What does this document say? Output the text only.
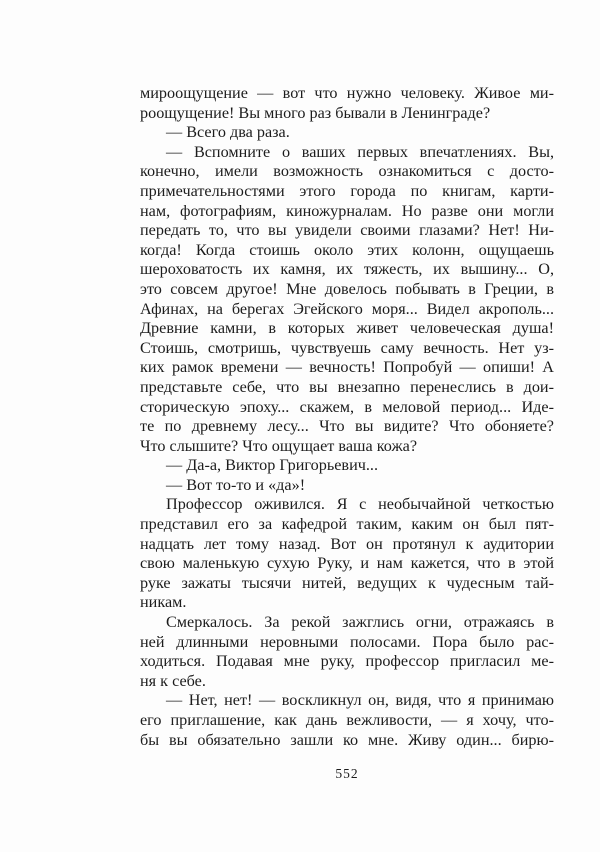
мироощущение — вот что нужно человеку. Живое ми-
роощущение! Вы много раз бывали в Ленинграде?
— Всего два раза.
— Вспомните о ваших первых впечатлениях. Вы,
конечно, имели возможность ознакомиться с досто-
примечательностями этого города по книгам, карти-
нам, фотографиям, киножурналам. Но разве они могли
передать то, что вы увидели своими глазами? Нет! Ни-
когда! Когда стоишь около этих колонн, ощущаешь
шероховатость их камня, их тяжесть, их вышину... О,
это совсем другое! Мне довелось побывать в Греции, в
Афинах, на берегах Эгейского моря... Видел акрополь...
Древние камни, в которых живет человеческая душа!
Стоишь, смотришь, чувствуешь саму вечность. Нет уз-
ких рамок времени — вечность! Попробуй — опиши! А
представьте себе, что вы внезапно перенеслись в дои-
сторическую эпоху... скажем, в меловой период... Иде-
те по древнему лесу... Что вы видите? Что обоняете?
Что слышите? Что ощущает ваша кожа?
— Да-а, Виктор Григорьевич...
— Вот то-то и «да»!
Профессор оживился. Я с необычайной четкостью
представил его за кафедрой таким, каким он был пят-
надцать лет тому назад. Вот он протянул к аудитории
свою маленькую сухую Руку, и нам кажется, что в этой
руке зажаты тысячи нитей, ведущих к чудесным тай-
никам.
Смеркалось. За рекой зажглись огни, отражаясь в
ней длинными неровными полосами. Пора было рас-
ходиться. Подавая мне руку, профессор пригласил ме-
ня к себе.
— Нет, нет! — воскликнул он, видя, что я принимаю
его приглашение, как дань вежливости, — я хочу, что-
бы вы обязательно зашли ко мне. Живу один... бирю-
552
